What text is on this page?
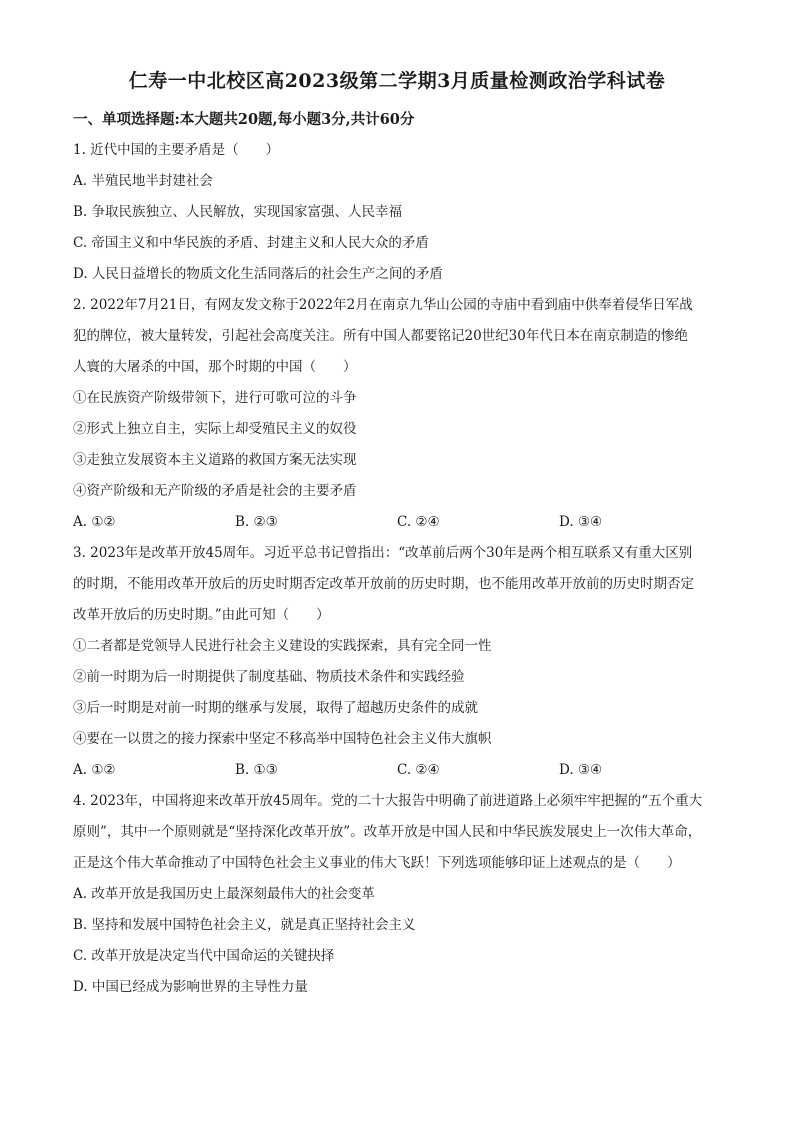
仁寿一中北校区高2023级第二学期3月质量检测政治学科试卷
一、单项选择题:本大题共20题,每小题3分,共计60分
1. 近代中国的主要矛盾是（　　）
A. 半殖民地半封建社会
B. 争取民族独立、人民解放，实现国家富强、人民幸福
C. 帝国主义和中华民族的矛盾、封建主义和人民大众的矛盾
D. 人民日益增长的物质文化生活同落后的社会生产之间的矛盾
2. 2022年7月21日，有网友发文称于2022年2月在南京九华山公园的寺庙中看到庙中供奉着侵华日军战
犯的牌位，被大量转发，引起社会高度关注。所有中国人都要铭记20世纪30年代日本在南京制造的惨绝
人寰的大屠杀的中国，那个时期的中国（　　）
①在民族资产阶级带领下，进行可歌可泣的斗争
②形式上独立自主，实际上却受殖民主义的奴役
③走独立发展资本主义道路的救国方案无法实现
④资产阶级和无产阶级的矛盾是社会的主要矛盾
A. ①②	B. ②③	C. ②④	D. ③④
3. 2023年是改革开放45周年。习近平总书记曾指出：“改革前后两个30年是两个相互联系又有重大区别
的时期，不能用改革开放后的历史时期否定改革开放前的历史时期，也不能用改革开放前的历史时期否定
改革开放后的历史时期。”由此可知（　　）
①二者都是党领导人民进行社会主义建设的实践探索，具有完全同一性
②前一时期为后一时期提供了制度基础、物质技术条件和实践经验
③后一时期是对前一时期的继承与发展，取得了超越历史条件的成就
④要在一以贯之的接力探索中坚定不移高举中国特色社会主义伟大旗帜
A. ①②	B. ①③	C. ②④	D. ③④
4. 2023年，中国将迎来改革开放45周年。党的二十大报告中明确了前进道路上必须牢牢把握的“五个重大
原则”，其中一个原则就是“坚持深化改革开放”。改革开放是中国人民和中华民族发展史上一次伟大革命，
正是这个伟大革命推动了中国特色社会主义事业的伟大飞跃！下列选项能够印证上述观点的是（　　）
A. 改革开放是我国历史上最深刻最伟大的社会变革
B. 坚持和发展中国特色社会主义，就是真正坚持社会主义
C. 改革开放是决定当代中国命运的关键抉择
D. 中国已经成为影响世界的主导性力量
